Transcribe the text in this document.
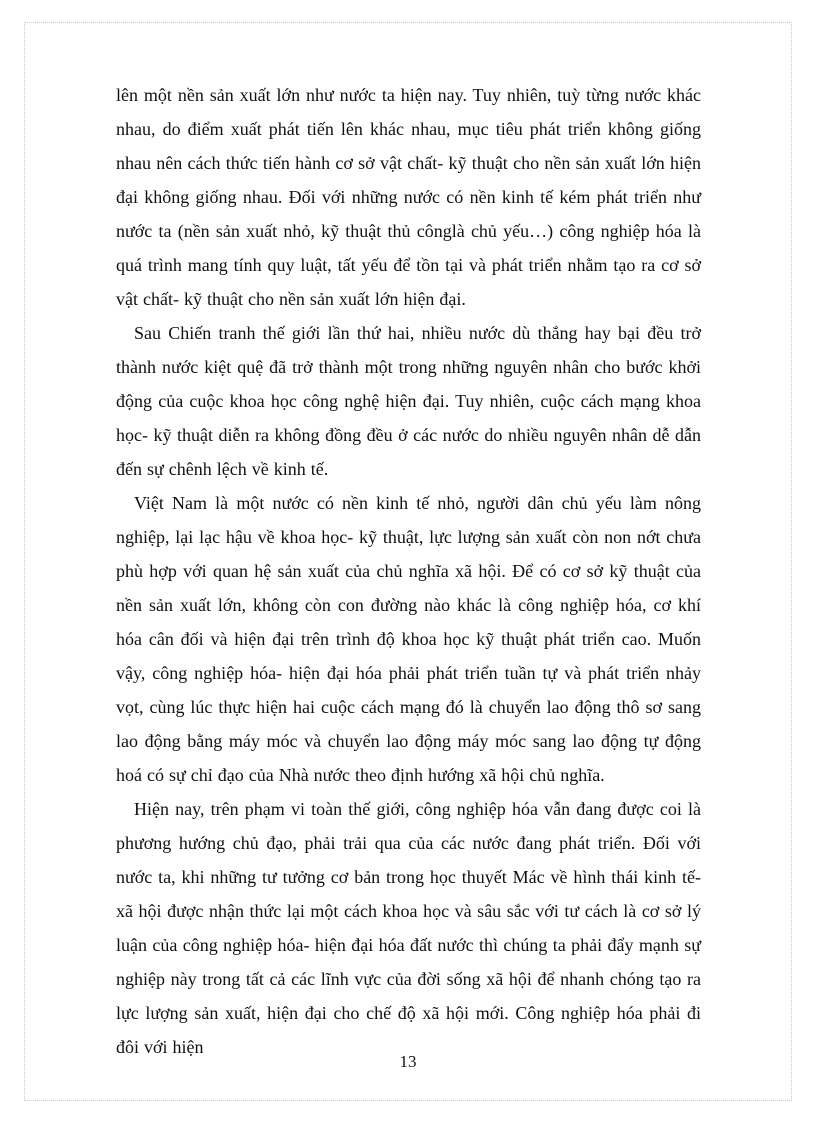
lên một nền sản xuất lớn như nước ta hiện nay. Tuy nhiên, tuỳ từng nước khác nhau, do điểm xuất phát tiến lên khác nhau, mục tiêu phát triển không giống nhau nên cách thức tiến hành cơ sở vật chất- kỹ thuật cho nền sản xuất lớn hiện đại không giống nhau. Đối với những nước có nền kinh tế kém phát triển như nước ta (nền sản xuất nhỏ, kỹ thuật thủ cônglà chủ yếu…) công nghiệp hóa là quá trình mang tính quy luật, tất yếu để tồn tại và phát triển nhằm tạo ra cơ sở vật chất- kỹ thuật cho nền sản xuất lớn hiện đại.

Sau Chiến tranh thế giới lần thứ hai, nhiều nước dù thắng hay bại đều trở thành nước kiệt quệ đã trở thành một trong những nguyên nhân cho bước khởi động của cuộc khoa học công nghệ hiện đại. Tuy nhiên, cuộc cách mạng khoa học- kỹ thuật diễn ra không đồng đều ở các nước do nhiều nguyên nhân dễ dẫn đến sự chênh lệch về kinh tế.

Việt Nam là một nước có nền kinh tế nhỏ, người dân chủ yếu làm nông nghiệp, lại lạc hậu về khoa học- kỹ thuật, lực lượng sản xuất còn non nớt chưa phù hợp với quan hệ sản xuất của chủ nghĩa xã hội. Để có cơ sở kỹ thuật của nền sản xuất lớn, không còn con đường nào khác là công nghiệp hóa, cơ khí hóa cân đối và hiện đại trên trình độ khoa học kỹ thuật phát triển cao. Muốn vậy, công nghiệp hóa- hiện đại hóa phải phát triển tuần tự và phát triển nhảy vọt, cùng lúc thực hiện hai cuộc cách mạng đó là chuyển lao động thô sơ sang lao động bằng máy móc và chuyển lao động máy móc sang lao động tự động hoá có sự chỉ đạo của Nhà nước theo định hướng xã hội chủ nghĩa.

Hiện nay, trên phạm vi toàn thế giới, công nghiệp hóa vẫn đang được coi là phương hướng chủ đạo, phải trải qua của các nước đang phát triển. Đối với nước ta, khi những tư tưởng cơ bản trong học thuyết Mác về hình thái kinh tế- xã hội được nhận thức lại một cách khoa học và sâu sắc với tư cách là cơ sở lý luận của công nghiệp hóa- hiện đại hóa đất nước thì chúng ta phải đẩy mạnh sự nghiệp này trong tất cả các lĩnh vực của đời sống xã hội để nhanh chóng tạo ra lực lượng sản xuất, hiện đại cho chế độ xã hội mới. Công nghiệp hóa phải đi đôi với hiện

13
